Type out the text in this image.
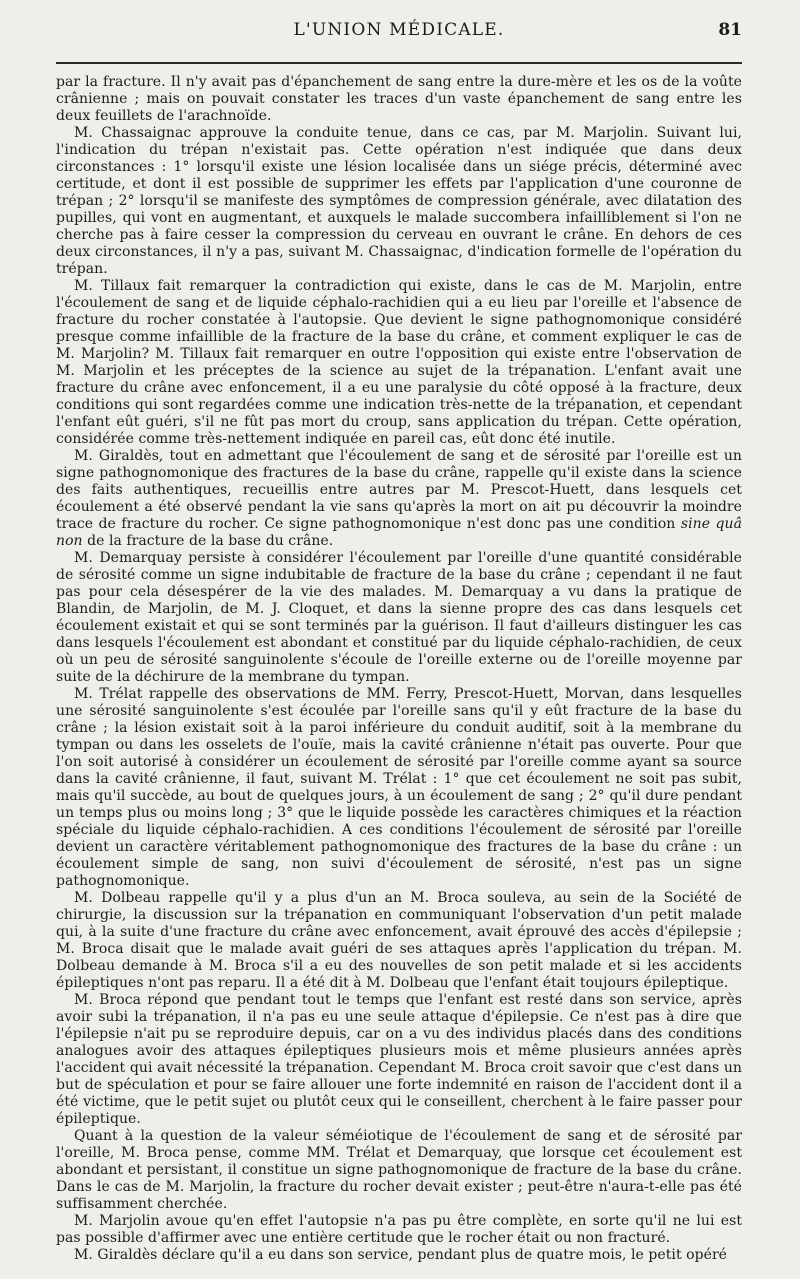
L'UNION MÉDICALE.	81

par la fracture. Il n'y avait pas d'épanchement de sang entre la dure-mère et les os de la voûte crânienne ; mais on pouvait constater les traces d'un vaste épanchement de sang entre les deux feuillets de l'arachnoïde.

M. Chassaignac approuve la conduite tenue, dans ce cas, par M. Marjolin. Suivant lui, l'indication du trépan n'existait pas. Cette opération n'est indiquée que dans deux circonstances : 1° lorsqu'il existe une lésion localisée dans un siége précis, déterminé avec certitude, et dont il est possible de supprimer les effets par l'application d'une couronne de trépan ; 2° lorsqu'il se manifeste des symptômes de compression générale, avec dilatation des pupilles, qui vont en augmentant, et auxquels le malade succombera infailliblement si l'on ne cherche pas à faire cesser la compression du cerveau en ouvrant le crâne. En dehors de ces deux circonstances, il n'y a pas, suivant M. Chassaignac, d'indication formelle de l'opération du trépan.

M. Tillaux fait remarquer la contradiction qui existe, dans le cas de M. Marjolin, entre l'écoulement de sang et de liquide céphalo-rachidien qui a eu lieu par l'oreille et l'absence de fracture du rocher constatée à l'autopsie. Que devient le signe pathognomonique considéré presque comme infaillible de la fracture de la base du crâne, et comment expliquer le cas de M. Marjolin? M. Tillaux fait remarquer en outre l'opposition qui existe entre l'observation de M. Marjolin et les préceptes de la science au sujet de la trépanation. L'enfant avait une fracture du crâne avec enfoncement, il a eu une paralysie du côté opposé à la fracture, deux conditions qui sont regardées comme une indication très-nette de la trépanation, et cependant l'enfant eût guéri, s'il ne fût pas mort du croup, sans application du trépan. Cette opération, considérée comme très-nettement indiquée en pareil cas, eût donc été inutile.

M. Giraldès, tout en admettant que l'écoulement de sang et de sérosité par l'oreille est un signe pathognomonique des fractures de la base du crâne, rappelle qu'il existe dans la science des faits authentiques, recueillis entre autres par M. Prescot-Huett, dans lesquels cet écoulement a été observé pendant la vie sans qu'après la mort on ait pu découvrir la moindre trace de fracture du rocher. Ce signe pathognomonique n'est donc pas une condition sine quâ non de la fracture de la base du crâne.

M. Demarquay persiste à considérer l'écoulement par l'oreille d'une quantité considérable de sérosité comme un signe indubitable de fracture de la base du crâne ; cependant il ne faut pas pour cela désespérer de la vie des malades. M. Demarquay a vu dans la pratique de Blandin, de Marjolin, de M. J. Cloquet, et dans la sienne propre des cas dans lesquels cet écoulement existait et qui se sont terminés par la guérison. Il faut d'ailleurs distinguer les cas dans lesquels l'écoulement est abondant et constitué par du liquide céphalo-rachidien, de ceux où un peu de sérosité sanguinolente s'écoule de l'oreille externe ou de l'oreille moyenne par suite de la déchirure de la membrane du tympan.

M. Trélat rappelle des observations de MM. Ferry, Prescot-Huett, Morvan, dans lesquelles une sérosité sanguinolente s'est écoulée par l'oreille sans qu'il y eût fracture de la base du crâne ; la lésion existait soit à la paroi inférieure du conduit auditif, soit à la membrane du tympan ou dans les osselets de l'ouïe, mais la cavité crânienne n'était pas ouverte. Pour que l'on soit autorisé à considérer un écoulement de sérosité par l'oreille comme ayant sa source dans la cavité crânienne, il faut, suivant M. Trélat : 1° que cet écoulement ne soit pas subit, mais qu'il succède, au bout de quelques jours, à un écoulement de sang ; 2° qu'il dure pendant un temps plus ou moins long ; 3° que le liquide possède les caractères chimiques et la réaction spéciale du liquide céphalo-rachidien. A ces conditions l'écoulement de sérosité par l'oreille devient un caractère véritablement pathognomonique des fractures de la base du crâne : un écoulement simple de sang, non suivi d'écoulement de sérosité, n'est pas un signe pathognomonique.

M. Dolbeau rappelle qu'il y a plus d'un an M. Broca souleva, au sein de la Société de chirurgie, la discussion sur la trépanation en communiquant l'observation d'un petit malade qui, à la suite d'une fracture du crâne avec enfoncement, avait éprouvé des accès d'épilepsie ; M. Broca disait que le malade avait guéri de ses attaques après l'application du trépan. M. Dolbeau demande à M. Broca s'il a eu des nouvelles de son petit malade et si les accidents épileptiques n'ont pas reparu. Il a été dit à M. Dolbeau que l'enfant était toujours épileptique.

M. Broca répond que pendant tout le temps que l'enfant est resté dans son service, après avoir subi la trépanation, il n'a pas eu une seule attaque d'épilepsie. Ce n'est pas à dire que l'épilepsie n'ait pu se reproduire depuis, car on a vu des individus placés dans des conditions analogues avoir des attaques épileptiques plusieurs mois et même plusieurs années après l'accident qui avait nécessité la trépanation. Cependant M. Broca croit savoir que c'est dans un but de spéculation et pour se faire allouer une forte indemnité en raison de l'accident dont il a été victime, que le petit sujet ou plutôt ceux qui le conseillent, cherchent à le faire passer pour épileptique.

Quant à la question de la valeur séméiotique de l'écoulement de sang et de sérosité par l'oreille, M. Broca pense, comme MM. Trélat et Demarquay, que lorsque cet écoulement est abondant et persistant, il constitue un signe pathognomonique de fracture de la base du crâne. Dans le cas de M. Marjolin, la fracture du rocher devait exister ; peut-être n'aura-t-elle pas été suffisamment cherchée.

M. Marjolin avoue qu'en effet l'autopsie n'a pas pu être complète, en sorte qu'il ne lui est pas possible d'affirmer avec une entière certitude que le rocher était ou non fracturé.

M. Giraldès déclare qu'il a eu dans son service, pendant plus de quatre mois, le petit opéré
